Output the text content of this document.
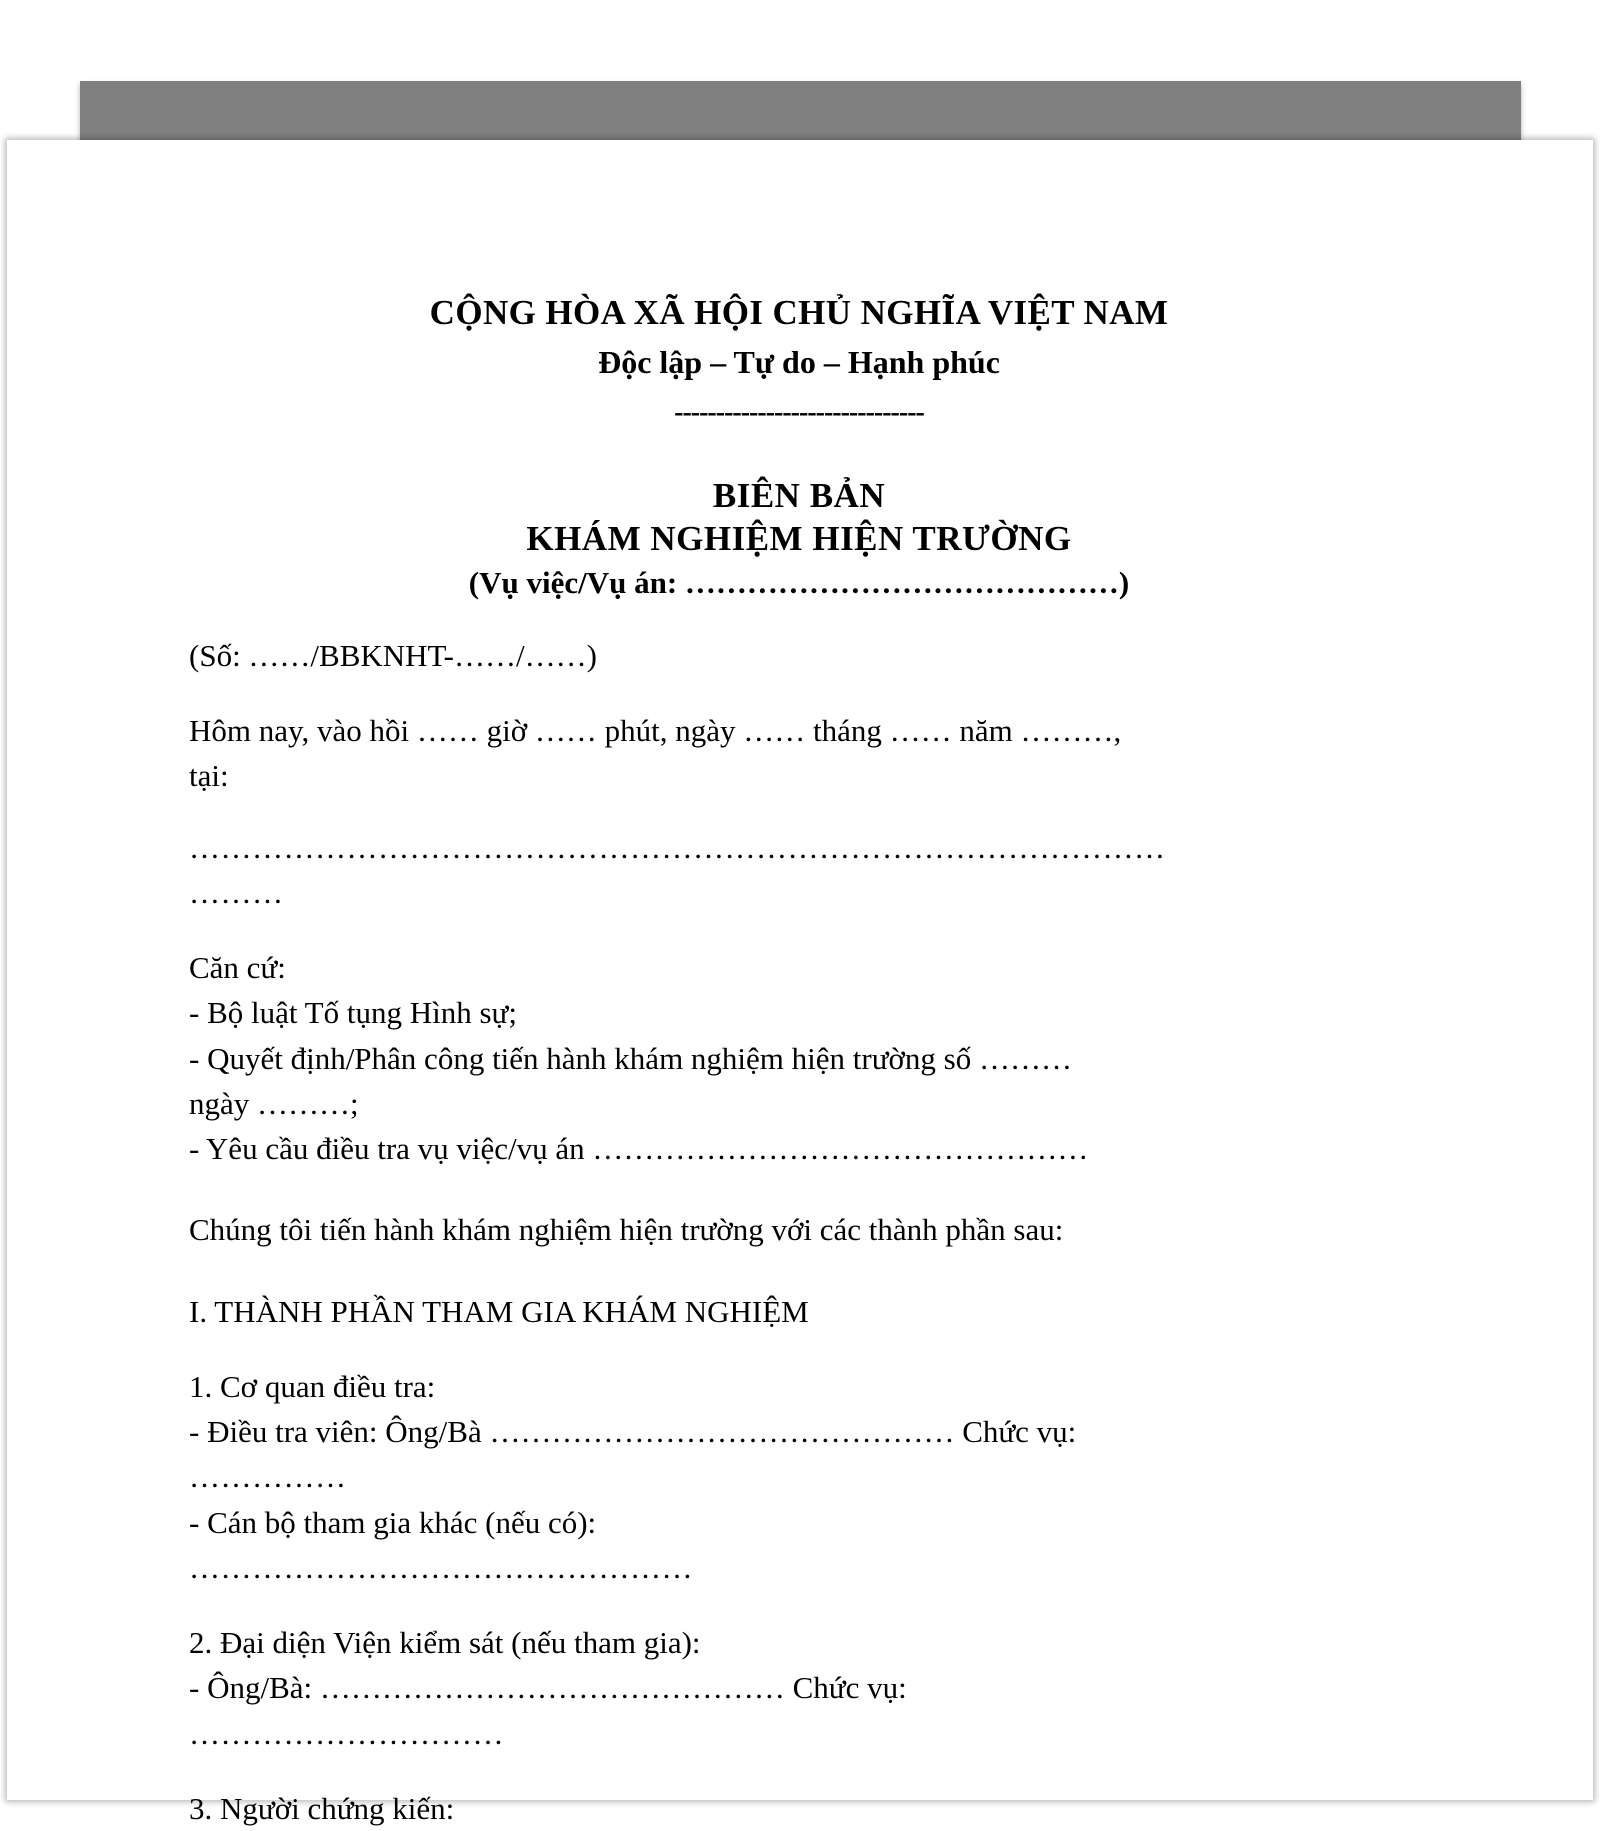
CỘNG HÒA XÃ HỘI CHỦ NGHĨA VIỆT NAM
Độc lập – Tự do – Hạnh phúc
------------------------------
BIÊN BẢN
KHÁM NGHIỆM HIỆN TRƯỜNG
(Vụ việc/Vụ án: ……………………………………)
(Số: ……/BBKNHT-……/……)
Hôm nay, vào hồi …… giờ …… phút, ngày …… tháng …… năm ………,
tại:
…………………………………………………………………………………
………
Căn cứ:
- Bộ luật Tố tụng Hình sự;
- Quyết định/Phân công tiến hành khám nghiệm hiện trường số ………
ngày ………;
- Yêu cầu điều tra vụ việc/vụ án …………………………………………
Chúng tôi tiến hành khám nghiệm hiện trường với các thành phần sau:
I. THÀNH PHẦN THAM GIA KHÁM NGHIỆM
1. Cơ quan điều tra:
- Điều tra viên: Ông/Bà ……………………………………… Chức vụ:
……………
- Cán bộ tham gia khác (nếu có):
…………………………………………
2. Đại diện Viện kiểm sát (nếu tham gia):
- Ông/Bà: ……………………………………… Chức vụ:
…………………………
3. Người chứng kiến:
